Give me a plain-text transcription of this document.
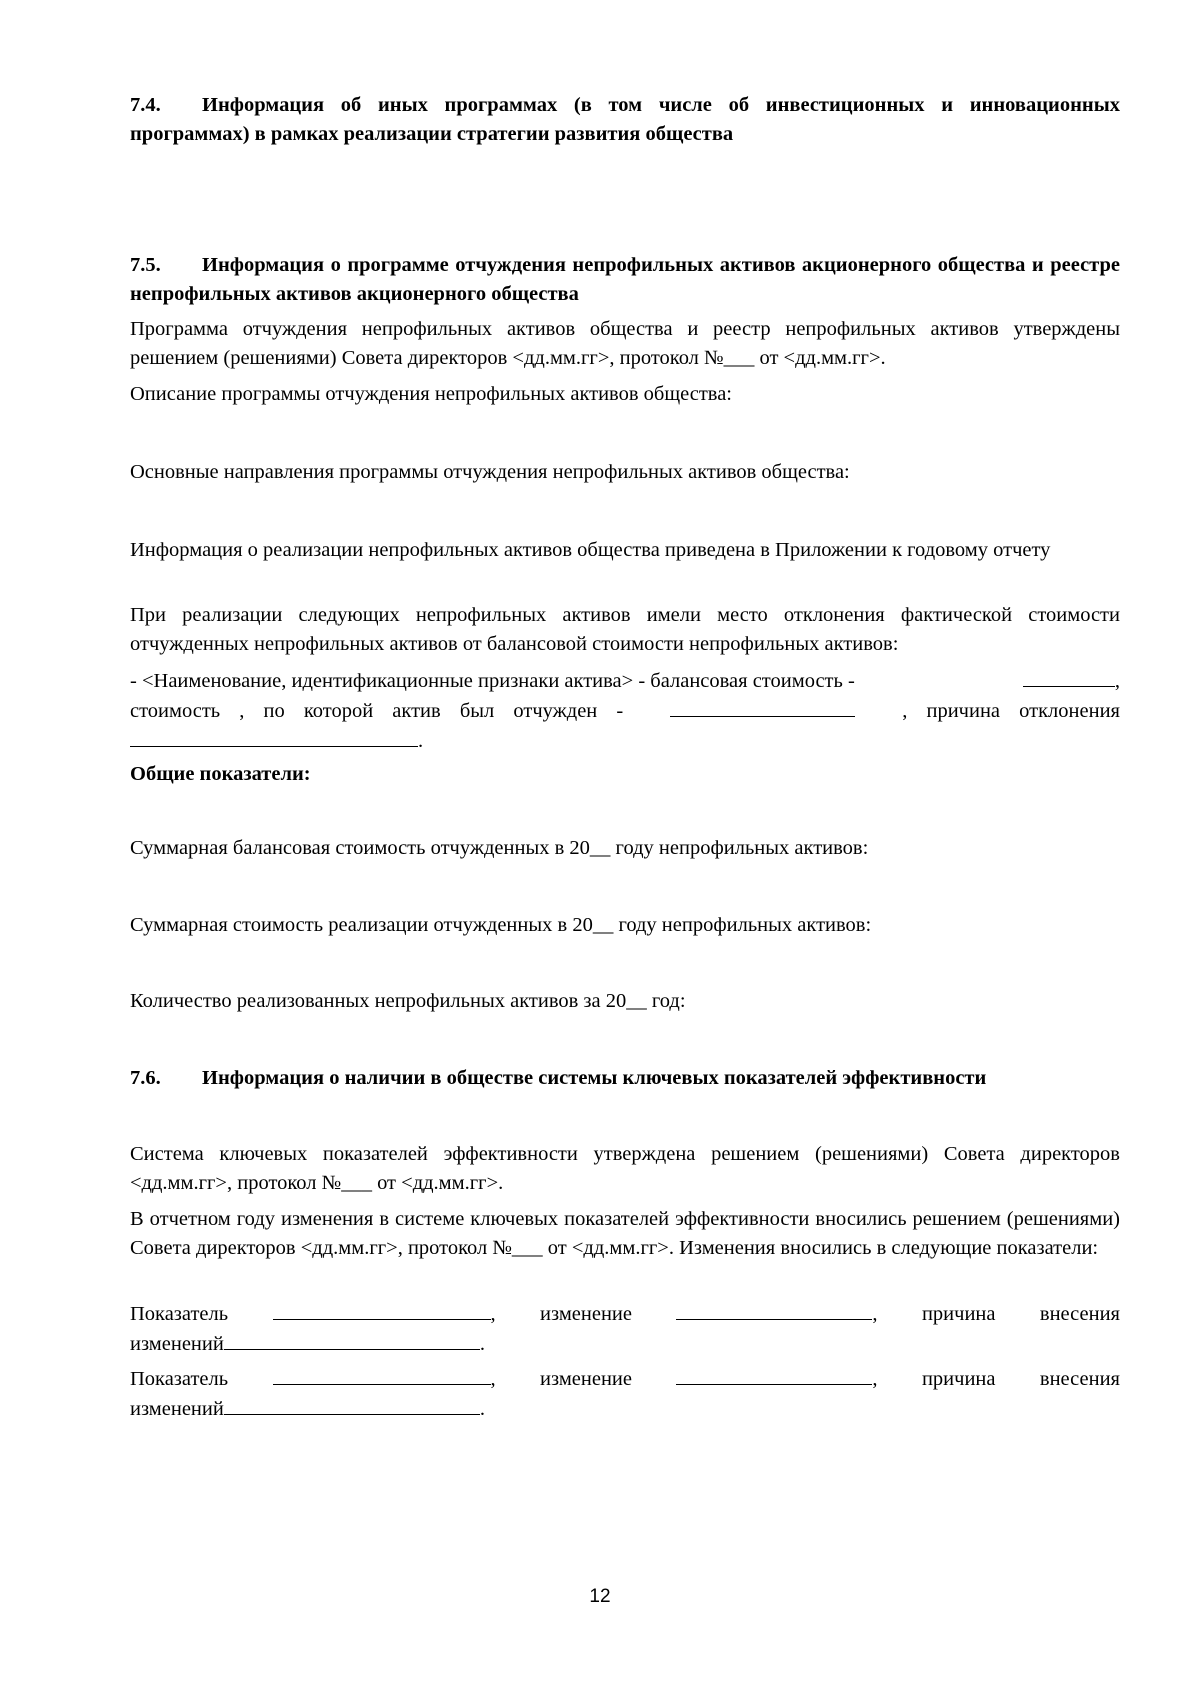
7.4. Информация об иных программах (в том числе об инвестиционных и инновационных программах) в рамках реализации стратегии развития общества
7.5. Информация о программе отчуждения непрофильных активов акционерного общества и реестре непрофильных активов акционерного общества
Программа отчуждения непрофильных активов общества и реестр непрофильных активов утверждены решением (решениями) Совета директоров <дд.мм.гг>, протокол №___ от <дд.мм.гг>.
Описание программы отчуждения непрофильных активов общества:
Основные направления программы отчуждения непрофильных активов общества:
Информация о реализации непрофильных активов общества приведена в Приложении к годовому отчету
При реализации следующих непрофильных активов имели место отклонения фактической стоимости отчужденных непрофильных активов от балансовой стоимости непрофильных активов:
- <Наименование, идентификационные признаки актива> - балансовая стоимость -	,
стоимость , по которой актив был отчужден -	, причина отклонения
.
Общие показатели:
Суммарная балансовая стоимость отчужденных в 20__ году непрофильных активов:
Суммарная стоимость реализации отчужденных в 20__ году непрофильных активов:
Количество реализованных непрофильных активов за 20__ год:
7.6. Информация о наличии в обществе системы ключевых показателей эффективности
Система ключевых показателей эффективности утверждена решением (решениями) Совета директоров <дд.мм.гг>, протокол №___ от <дд.мм.гг>.
В отчетном году изменения в системе ключевых показателей эффективности вносились решением (решениями) Совета директоров <дд.мм.гг>, протокол №___ от <дд.мм.гг>. Изменения вносились в следующие показатели:
Показатель	, изменение	, причина внесения
изменений	.
Показатель	, изменение	, причина внесения
изменений	.
12
